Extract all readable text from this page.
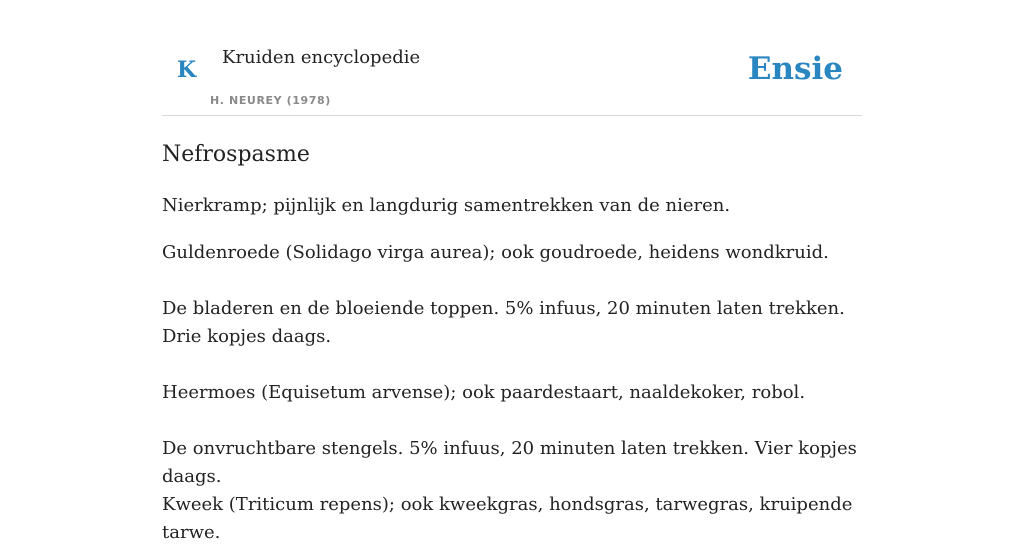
K Kruiden encyclopedie
H. NEUREY (1978)
Ensie
Nefrospasme

Nierkramp; pijnlijk en langdurig samentrekken van de nieren.

Guldenroede (Solidago virga aurea); ook goudroede, heidens wondkruid.

De bladeren en de bloeiende toppen. 5% infuus, 20 minuten laten trekken. Drie kopjes daags.

Heermoes (Equisetum arvense); ook paardestaart, naaldekoker, robol.

De onvruchtbare stengels. 5% infuus, 20 minuten laten trekken. Vier kopjes daags.

Kweek (Triticum repens); ook kweekgras, hondsgras, tarwegras, kruipende tarwe.
